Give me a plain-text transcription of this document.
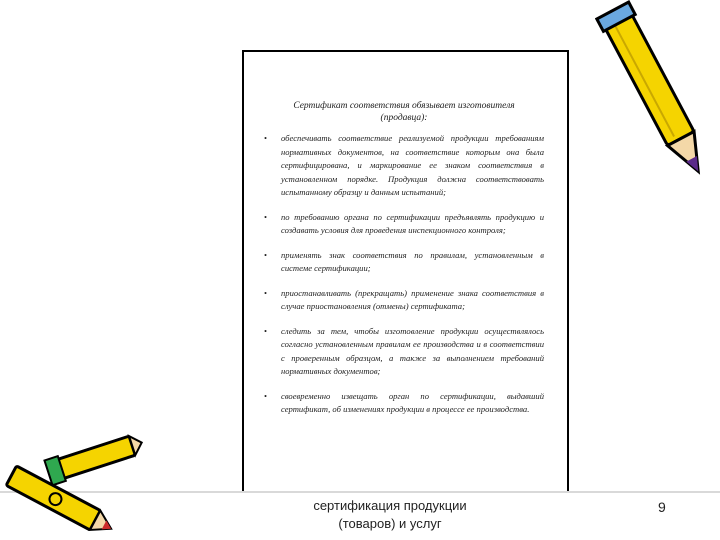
Сертификат соответствия обязывает изготовителя (продавца):
• обеспечивать соответствие реализуемой продукции требованиям нормативных документов, на соответствие которым она была сертифицирована, и маркирование ее знаком соответствия в установленном порядке. Продукция должна соответствовать испытанному образцу и данным испытаний;
• по требованию органа по сертификации предъявлять продукцию и создавать условия для проведения инспекционного контроля;
• применять знак соответствия по правилам, установленным в системе сертификации;
• приостанавливать (прекращать) применение знака соответствия в случае приостановления (отмены) сертификата;
• следить за тем, чтобы изготовление продукции осуществлялось согласно установленным правилам ее производства и в соответствии с проверенным образцом, а также за выполнением требований нормативных документов;
• своевременно извещать орган по сертификации, выдавший сертификат, об изменениях продукции в процессе ее производства.
сертификация продукции
(товаров) и услуг
9
